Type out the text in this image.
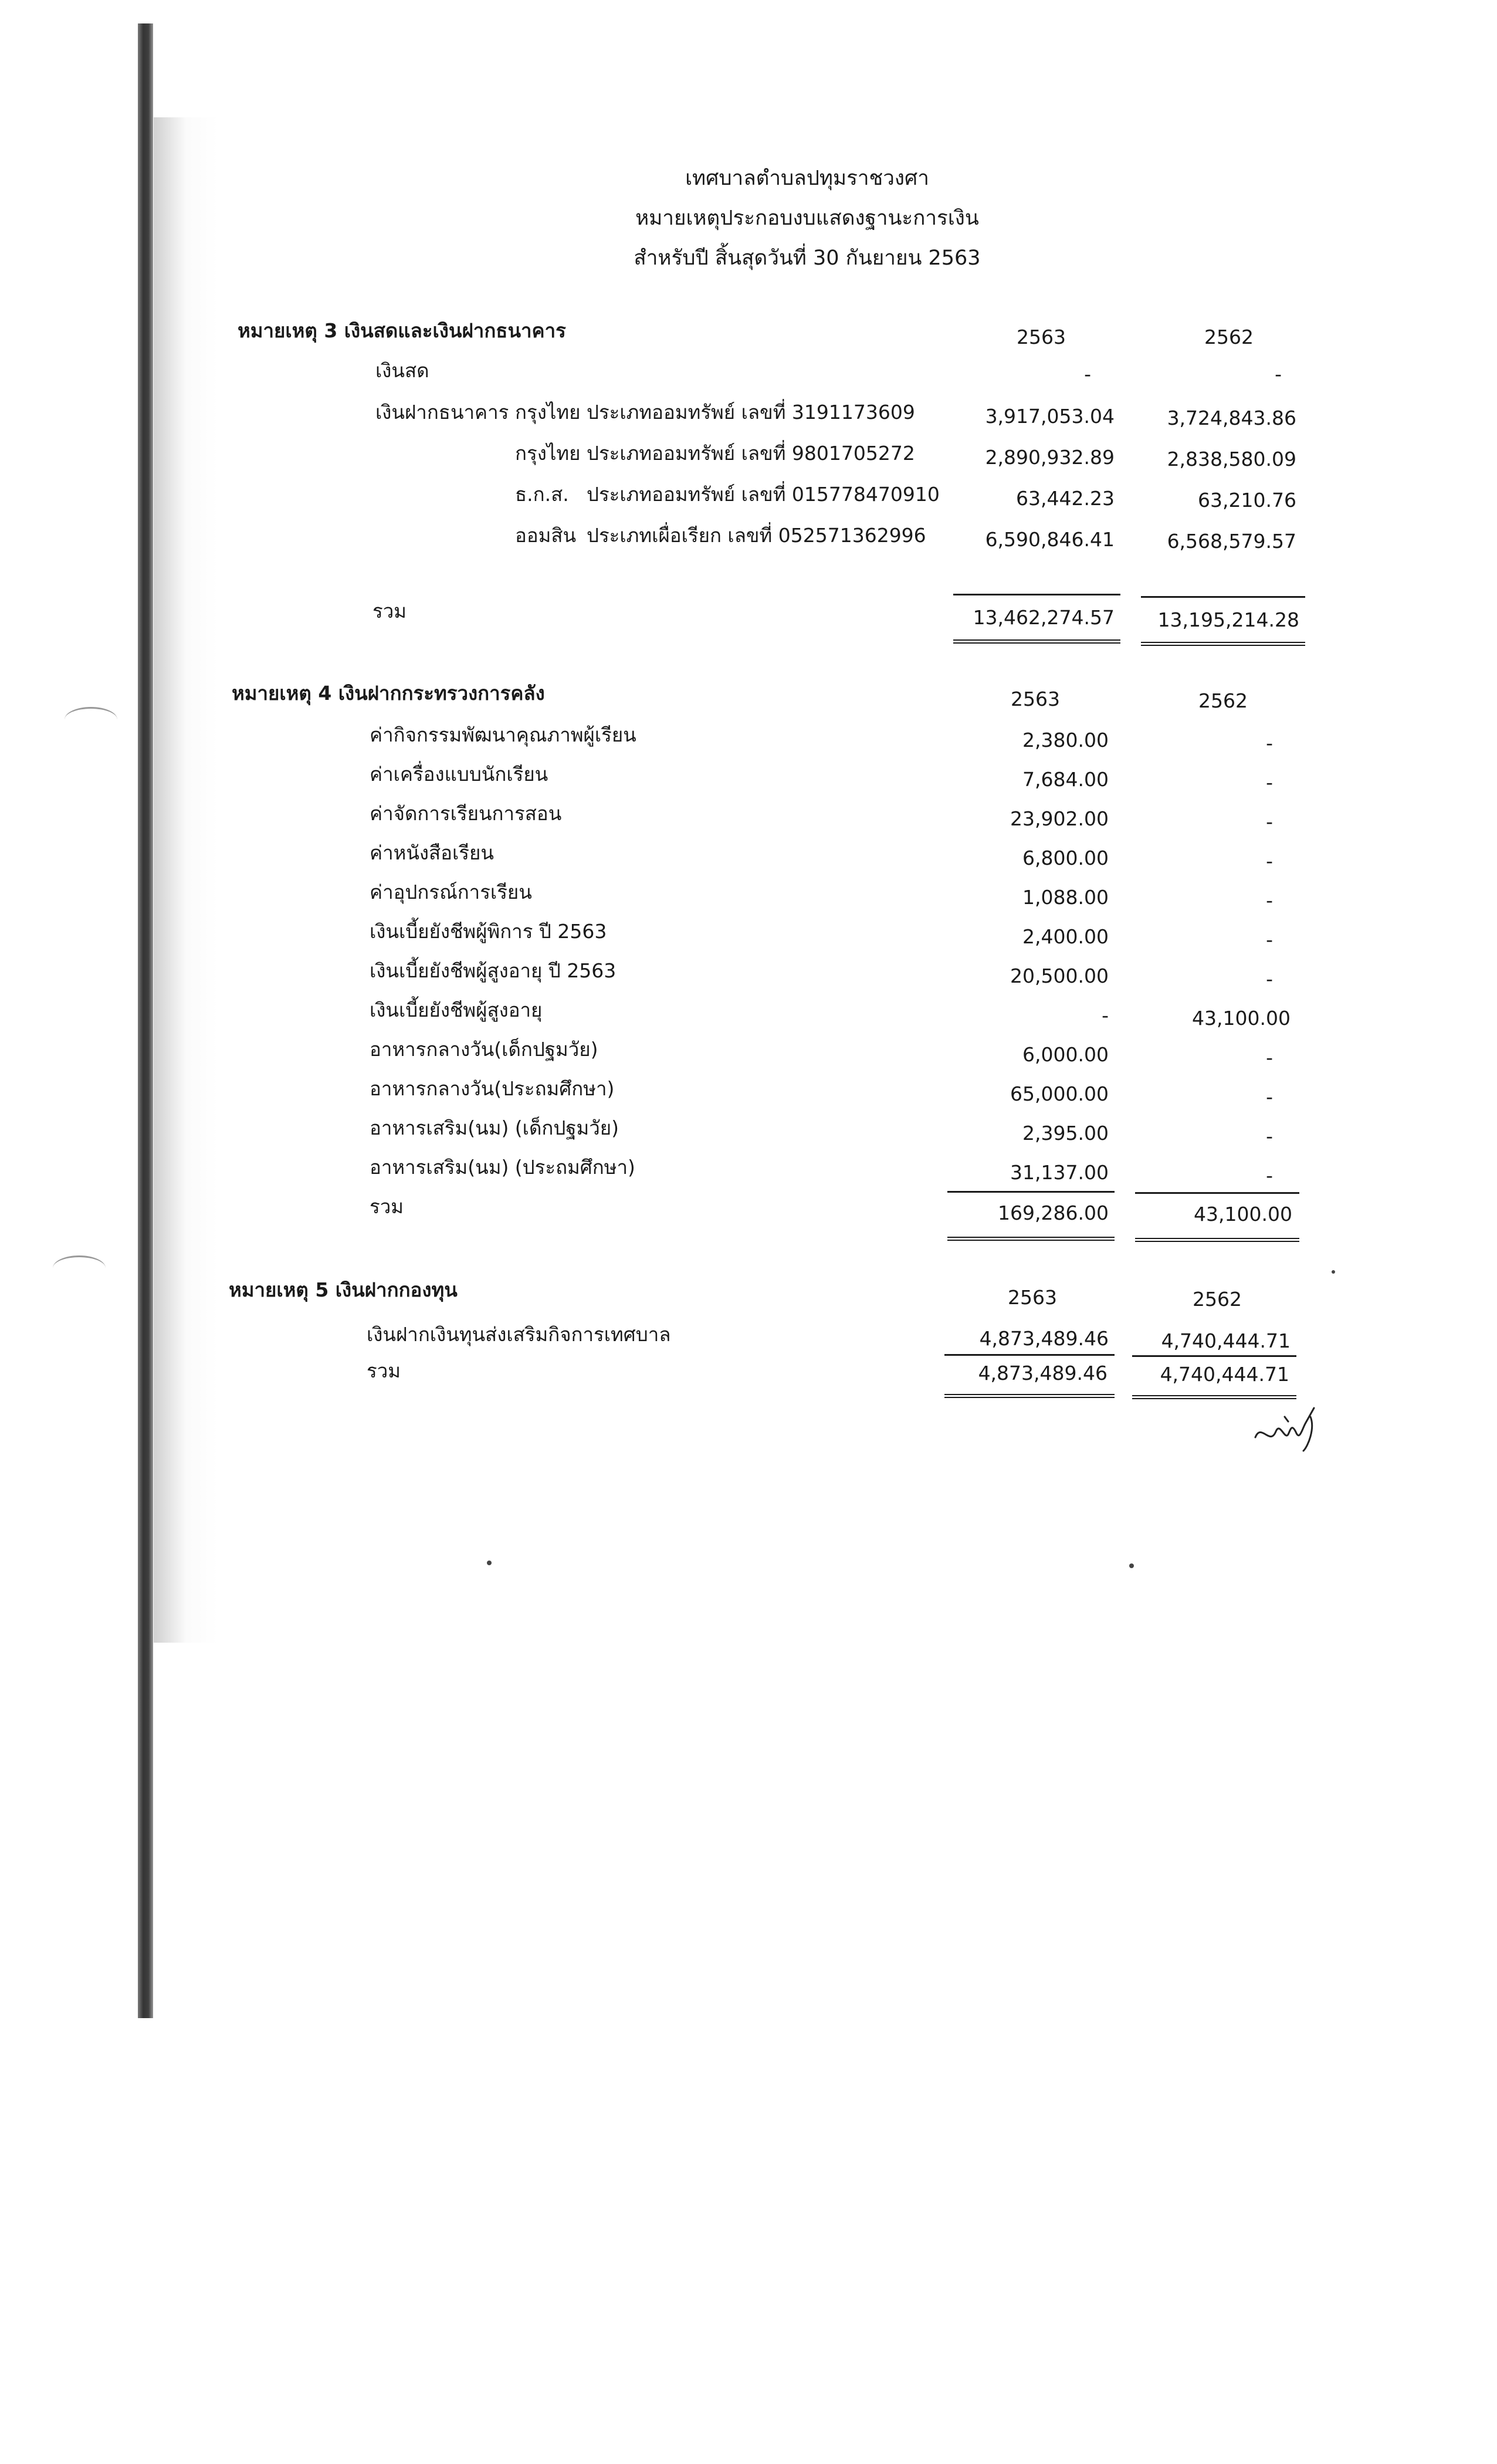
เทศบาลตำบลปทุมราชวงศา
หมายเหตุประกอบงบแสดงฐานะการเงิน
สำหรับปี สิ้นสุดวันที่ 30 กันยายน 2563
หมายเหตุ 3 เงินสดและเงินฝากธนาคาร	2563	2562
เงินสด	-	-
เงินฝากธนาคาร กรุงไทย ประเภทออมทรัพย์ เลขที่ 3191173609	3,917,053.04	3,724,843.86
กรุงไทย ประเภทออมทรัพย์ เลขที่ 9801705272	2,890,932.89	2,838,580.09
ธ.ก.ส. ประเภทออมทรัพย์ เลขที่ 015778470910	63,442.23	63,210.76
ออมสิน ประเภทเผื่อเรียก เลขที่ 052571362996	6,590,846.41	6,568,579.57
รวม	13,462,274.57 13,195,214.28
หมายเหตุ 4 เงินฝากกระทรวงการคลัง	2563	2562
ค่ากิจกรรมพัฒนาคุณภาพผู้เรียน	2,380.00	-
ค่าเครื่องแบบนักเรียน	7,684.00	-
ค่าจัดการเรียนการสอน	23,902.00	-
ค่าหนังสือเรียน	6,800.00	-
ค่าอุปกรณ์การเรียน	1,088.00	-
เงินเบี้ยยังชีพผู้พิการ ปี 2563	2,400.00	-
เงินเบี้ยยังชีพผู้สูงอายุ ปี 2563	20,500.00	-
เงินเบี้ยยังชีพผู้สูงอายุ	-	43,100.00
อาหารกลางวัน(เด็กปฐมวัย)	6,000.00	-
อาหารกลางวัน(ประถมศึกษา)	65,000.00	-
อาหารเสริม(นม) (เด็กปฐมวัย)	2,395.00	-
อาหารเสริม(นม) (ประถมศึกษา)	31,137.00	-
รวม	169,286.00	43,100.00
หมายเหตุ 5 เงินฝากกองทุน	2563	2562
เงินฝากเงินทุนส่งเสริมกิจการเทศบาล	4,873,489.46	4,740,444.71
รวม	4,873,489.46	4,740,444.71
